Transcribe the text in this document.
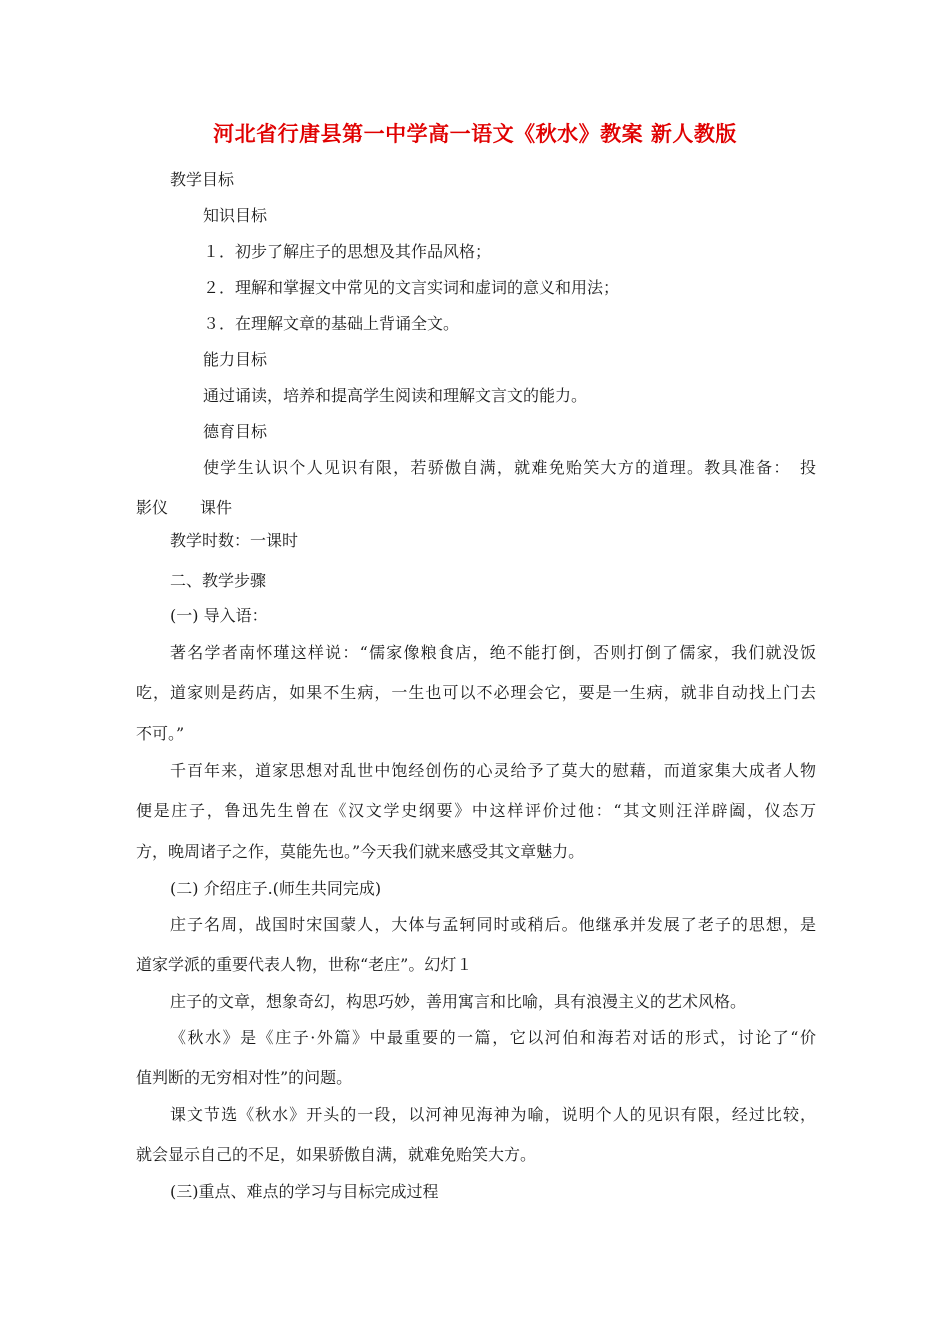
河北省行唐县第一中学高一语文《秋水》教案 新人教版
教学目标
知识目标
１．初步了解庄子的思想及其作品风格；
２．理解和掌握文中常见的文言实词和虚词的意义和用法；
３．在理解文章的基础上背诵全文。
能力目标
通过诵读，培养和提高学生阅读和理解文言文的能力。
德育目标
使学生认识个人见识有限，若骄傲自满，就难免贻笑大方的道理。教具准备：　投
影仪　　课件
教学时数：一课时
二、教学步骤
(一) 导入语：
著名学者南怀瑾这样说：“儒家像粮食店，绝不能打倒，否则打倒了儒家，我们就没饭
吃，道家则是药店，如果不生病，一生也可以不必理会它，要是一生病，就非自动找上门去
不可。”
千百年来，道家思想对乱世中饱经创伤的心灵给予了莫大的慰藉，而道家集大成者人物
便是庄子，鲁迅先生曾在《汉文学史纲要》中这样评价过他：“其文则汪洋辟阖，仪态万
方，晚周诸子之作，莫能先也。”今天我们就来感受其文章魅力。
(二) 介绍庄子.(师生共同完成)
庄子名周，战国时宋国蒙人，大体与孟轲同时或稍后。他继承并发展了老子的思想，是
道家学派的重要代表人物，世称“老庄”。幻灯１
庄子的文章，想象奇幻，构思巧妙，善用寓言和比喻，具有浪漫主义的艺术风格。
《秋水》是《庄子·外篇》中最重要的一篇，它以河伯和海若对话的形式，讨论了“价
值判断的无穷相对性”的问题。
课文节选《秋水》开头的一段，以河神见海神为喻，说明个人的见识有限，经过比较，
就会显示自己的不足，如果骄傲自满，就难免贻笑大方。
(三)重点、难点的学习与目标完成过程
